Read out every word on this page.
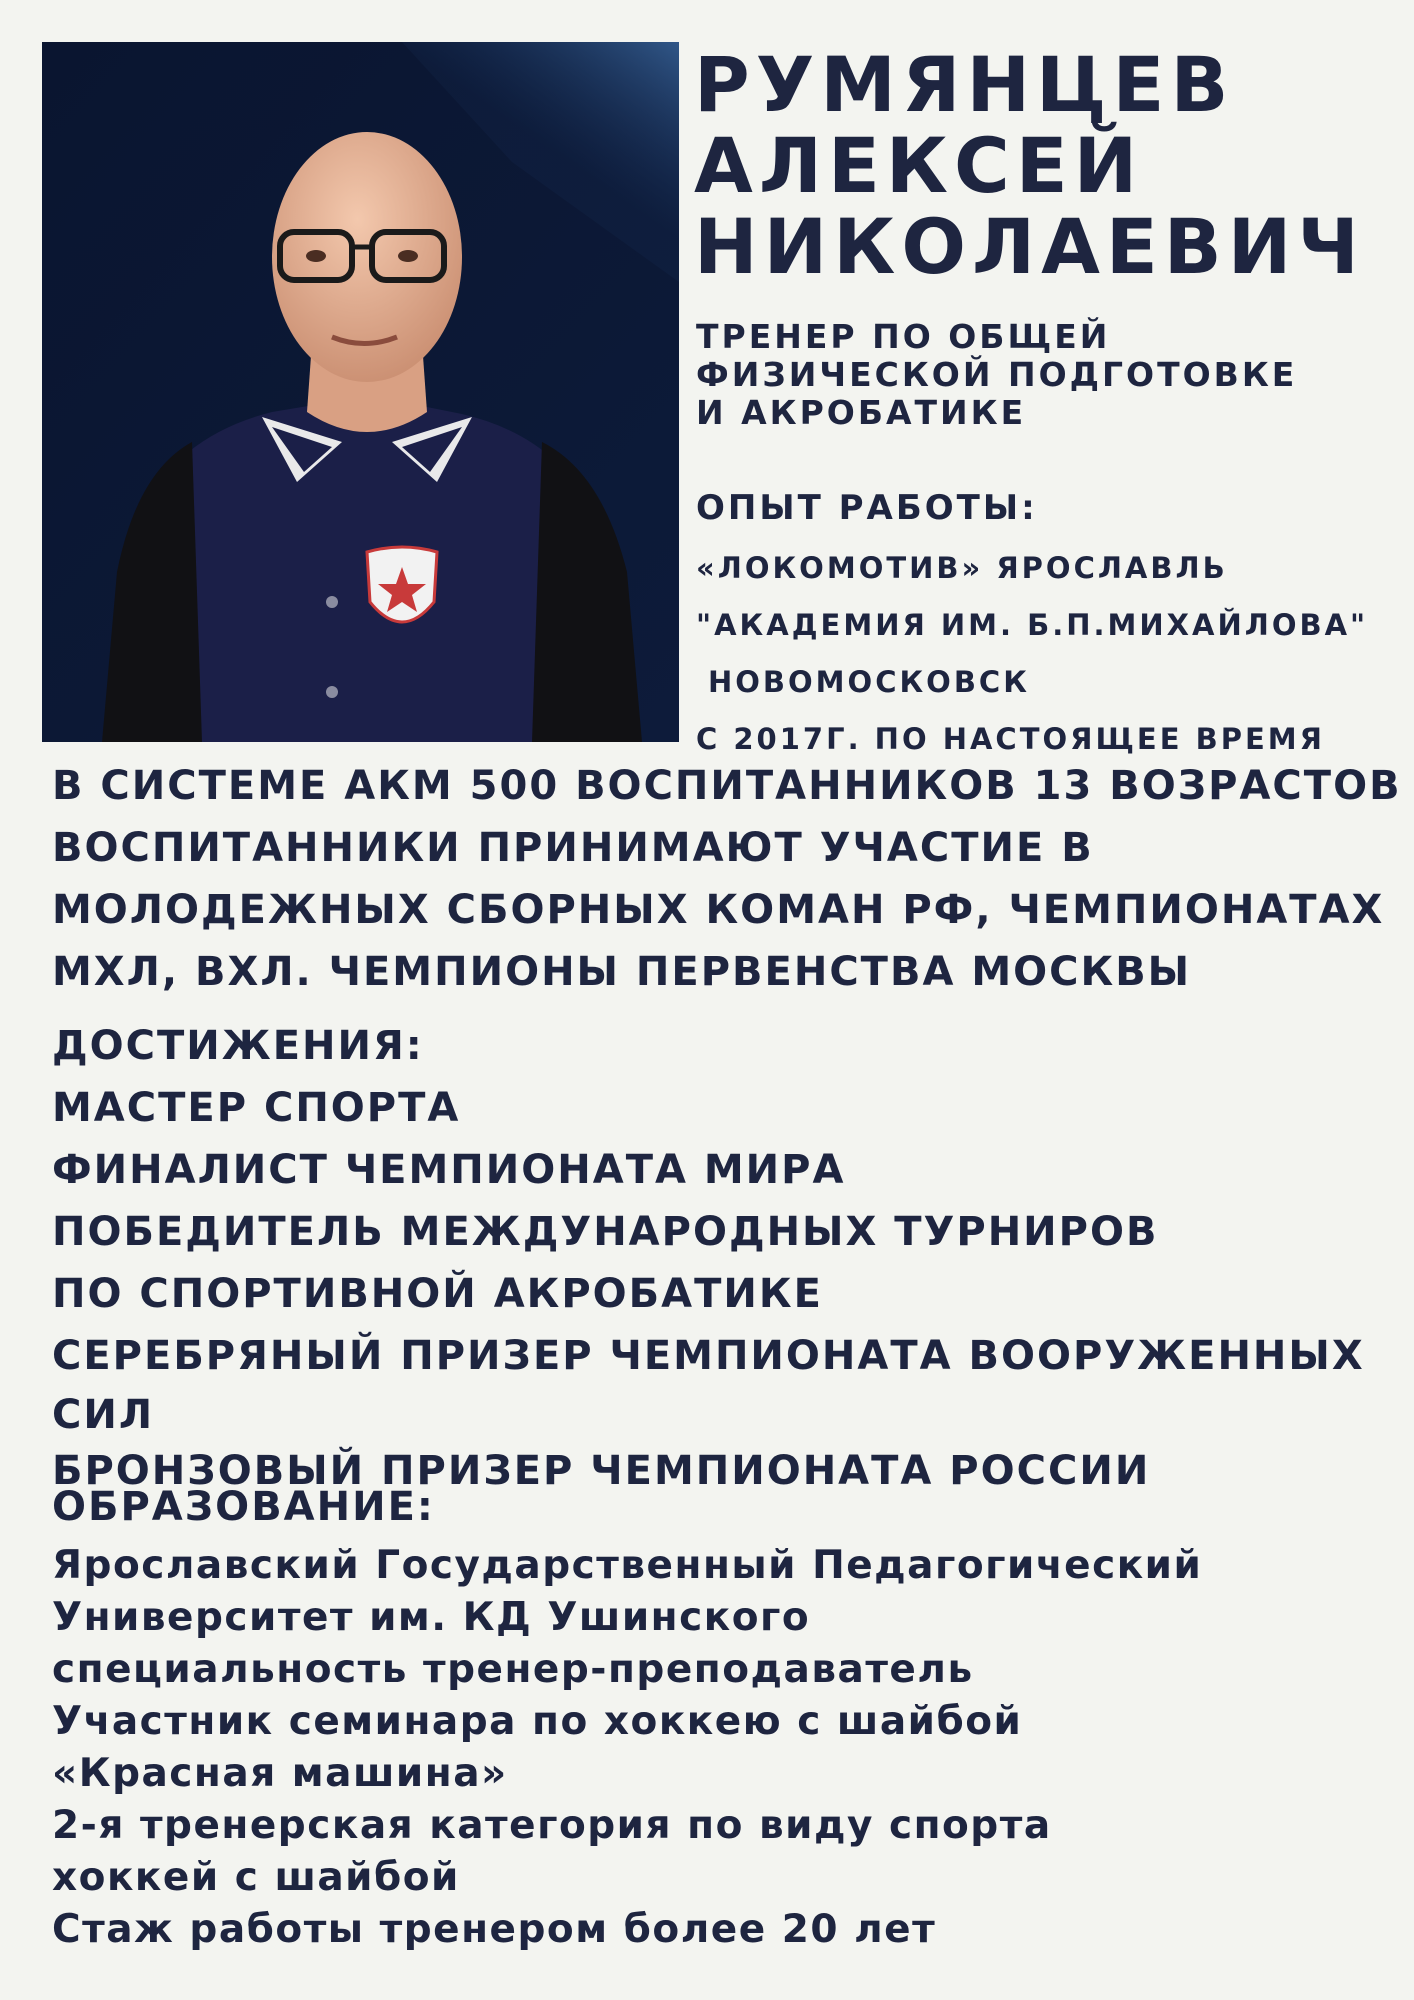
РУМЯНЦЕВ
АЛЕКСЕЙ
НИКОЛАЕВИЧ
ТРЕНЕР ПО ОБЩЕЙ
ФИЗИЧЕСКОЙ ПОДГОТОВКЕ
И АКРОБАТИКЕ
ОПЫТ РАБОТЫ:
«ЛОКОМОТИВ» ЯРОСЛАВЛЬ
"АКАДЕМИЯ ИМ. Б.П.МИХАЙЛОВА"
НОВОМОСКОВСК
С 2017Г. ПО НАСТОЯЩЕЕ ВРЕМЯ
В СИСТЕМЕ АКМ 500 ВОСПИТАННИКОВ 13 ВОЗРАСТОВ
ВОСПИТАННИКИ ПРИНИМАЮТ УЧАСТИЕ В
МОЛОДЕЖНЫХ СБОРНЫХ КОМАН РФ, ЧЕМПИОНАТАХ
МХЛ, ВХЛ. ЧЕМПИОНЫ ПЕРВЕНСТВА МОСКВЫ
ДОСТИЖЕНИЯ:
МАСТЕР СПОРТА
ФИНАЛИСТ ЧЕМПИОНАТА МИРА
ПОБЕДИТЕЛЬ МЕЖДУНАРОДНЫХ ТУРНИРОВ
ПО СПОРТИВНОЙ АКРОБАТИКЕ
СЕРЕБРЯНЫЙ ПРИЗЕР ЧЕМПИОНАТА ВООРУЖЕННЫХ
СИЛ
БРОНЗОВЫЙ ПРИЗЕР ЧЕМПИОНАТА РОССИИ
ОБРАЗОВАНИЕ:
Ярославский Государственный Педагогический
Университет им. КД Ушинского
специальность тренер-преподаватель
Участник семинара по хоккею с шайбой
«Красная машина»
2-я тренерская категория по виду спорта
хоккей с шайбой
Стаж работы тренером более 20 лет
